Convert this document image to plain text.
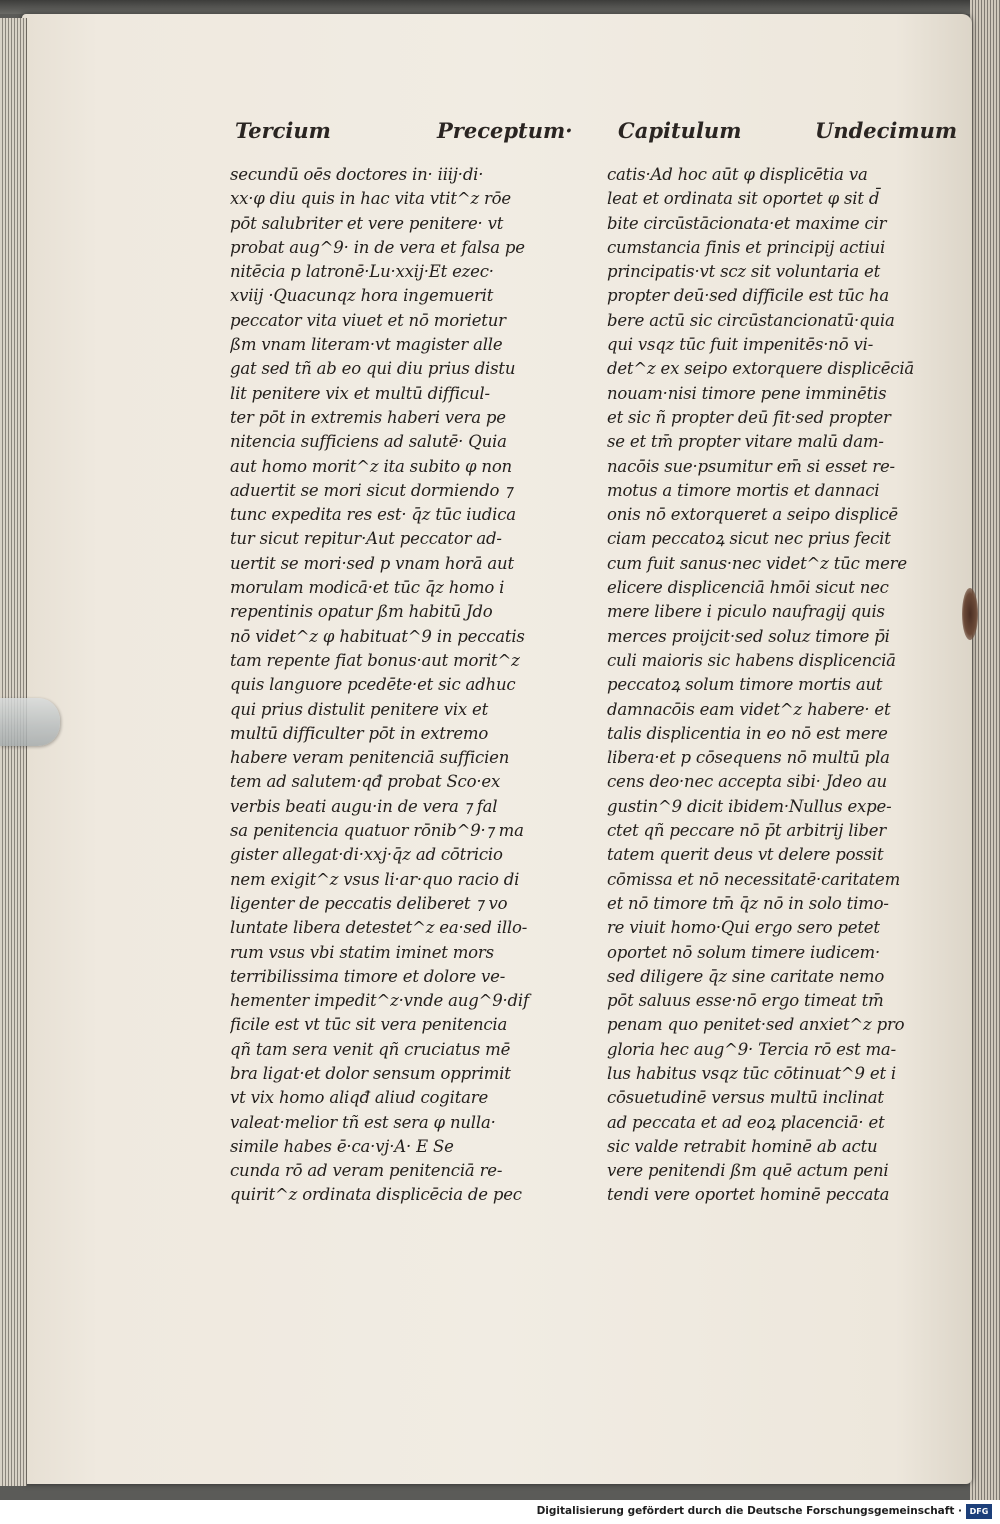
Tercium	Preceptum· Capitulum	Undecimum
secundū oēs doctores in· iiij·di·
xx·φ diu quis in hac vita vtit^z rōe
pōt salubriter et vere penitere· vt
probat aug^9· in de vera et falsa pe
nitēcia p latronē·Lu·xxij·Et ezec·
xviij ·Quacunqz hora ingemuerit
peccator vita viuet et nō morietur
ßm vnam literam·vt magister alle
gat sed tñ ab eo qui diu prius distu
lit penitere vix et multū difficul-
ter pōt in extremis haberi vera pe
nitencia sufficiens ad salutē· Quia
aut homo morit^z ita subito φ non
aduertit se mori sicut dormiendo ⁊
tunc expedita res est· q̄z tūc iudica
tur sicut repitur·Aut peccator ad-
uertit se mori·sed p vnam horā aut
morulam modicā·et tūc q̄z homo i
repentinis opatur ßm habitū Jdo
nō videt^z φ habituat^9 in peccatis
tam repente fiat bonus·aut morit^z
quis languore pcedēte·et sic adhuc
qui prius distulit penitere vix et
multū difficulter pōt in extremo
habere veram penitenciā sufficien
tem ad salutem·qđ probat Sco·ex
verbis beati augu·in de vera ⁊ fal
sa penitencia quatuor rōnib^9·⁊ ma
gister allegat·di·xxj·q̄z ad cōtricio
nem exigit^z vsus li·ar·quo racio di
ligenter de peccatis deliberet ⁊ vo
luntate libera detestet^z ea·sed illo-
rum vsus vbi statim iminet mors
terribilissima timore et dolore ve-
hementer impedit^z·vnde aug^9·dif
ficile est vt tūc sit vera penitencia
qñ tam sera venit qñ cruciatus mē
bra ligat·et dolor sensum opprimit
vt vix homo aliqđ aliud cogitare
valeat·melior tñ est sera φ nulla·
simile habes ē·ca·vj·A· E Se
cunda rō ad veram penitenciā re-
quirit^z ordinata displicēcia de pec
catis·Ad hoc aūt φ displicētia va
leat et ordinata sit oportet φ sit d̄
bite circūstācionata·et maxime cir
cumstancia finis et principij actiui
principatis·vt scz sit voluntaria et
propter deū·sed difficile est tūc ha
bere actū sic circūstancionatū·quia
qui vsqz tūc fuit impenitēs·nō vi-
det^z ex seipo extorquere displicēciā
nouam·nisi timore pene imminētis
et sic ñ propter deū fit·sed propter
se et tm̄ propter vitare malū dam-
nacōis sue·psumitur em̄ si esset re-
motus a timore mortis et dannaci
onis nō extorqueret a seipo displicē
ciam peccatoꝝ sicut nec prius fecit
cum fuit sanus·nec videt^z tūc mere
elicere displicenciā hmōi sicut nec
mere libere i piculo naufragij quis
merces proijcit·sed soluz timore p̄i
culi maioris sic habens displicenciā
peccatoꝝ solum timore mortis aut
damnacōis eam videt^z habere· et
talis displicentia in eo nō est mere
libera·et p cōsequens nō multū pla
cens deo·nec accepta sibi· Jdeo au
gustin^9 dicit ibidem·Nullus expe-
ctet qñ peccare nō p̄t arbitrij liber
tatem querit deus vt delere possit
cōmissa et nō necessitatē·caritatem
et nō timore tm̄ q̄z nō in solo timo-
re viuit homo·Qui ergo sero petet
oportet nō solum timere iudicem·
sed diligere q̄z sine caritate nemo
pōt saluus esse·nō ergo timeat tm̄
penam quo penitet·sed anxiet^z pro
gloria hec aug^9· Tercia rō est ma-
lus habitus vsqz tūc cōtinuat^9 et i
cōsuetudinē versus multū inclinat
ad peccata et ad eoꝝ placenciā· et
sic valde retrabit hominē ab actu
vere penitendi ßm quē actum peni
tendi vere oportet hominē peccata
Digitalisierung gefördert durch die Deutsche Forschungsgemeinschaft · DFG
